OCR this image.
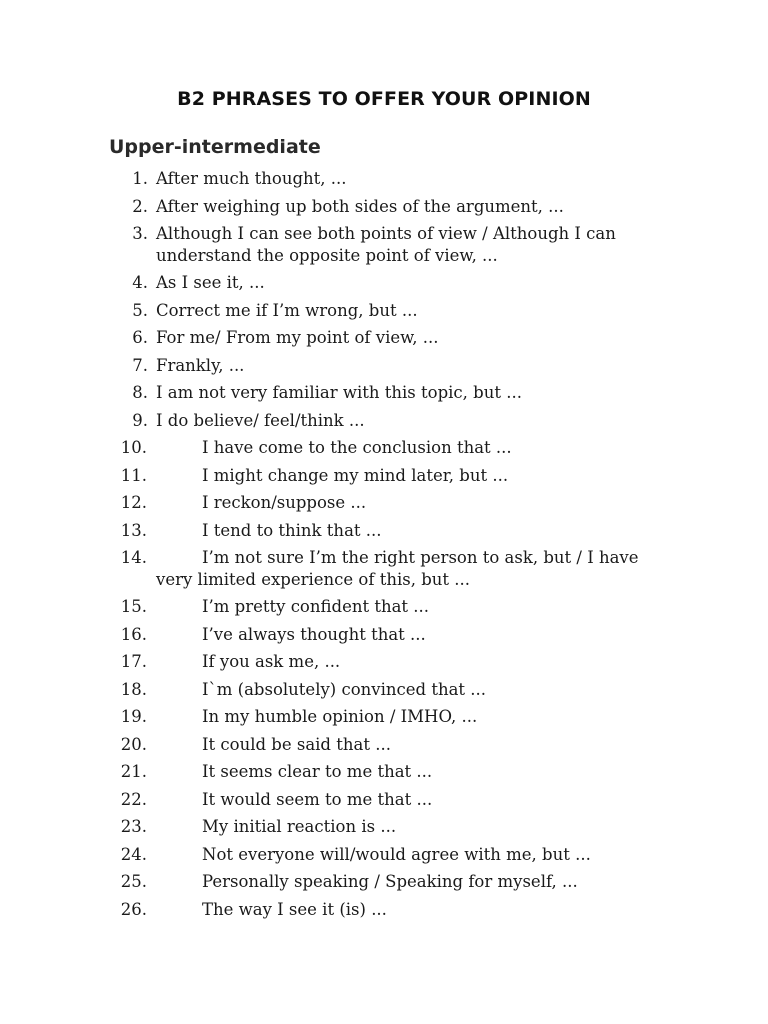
B2 PHRASES TO OFFER YOUR OPINION
Upper-intermediate
1. After much thought, ...
2. After weighing up both sides of the argument, ...
3. Although I can see both points of view / Although I can understand the opposite point of view, ...
4. As I see it, ...
5. Correct me if I’m wrong, but ...
6. For me/ From my point of view, ...
7. Frankly, ...
8. I am not very familiar with this topic, but ...
9. I do believe/ feel/think ...
10.	I have come to the conclusion that ...
11.	I might change my mind later, but ...
12.	I reckon/suppose ...
13.	I tend to think that ...
14.	I’m not sure I’m the right person to ask, but / I have very limited experience of this, but ...
15.	I’m pretty confident that ...
16.	I’ve always thought that ...
17.	If you ask me, ...
18.	I`m (absolutely) convinced that ...
19.	In my humble opinion / IMHO, ...
20.	It could be said that ...
21.	It seems clear to me that ...
22.	It would seem to me that ...
23.	My initial reaction is ...
24.	Not everyone will/would agree with me, but ...
25.	Personally speaking / Speaking for myself, ...
26.	The way I see it (is) ...
